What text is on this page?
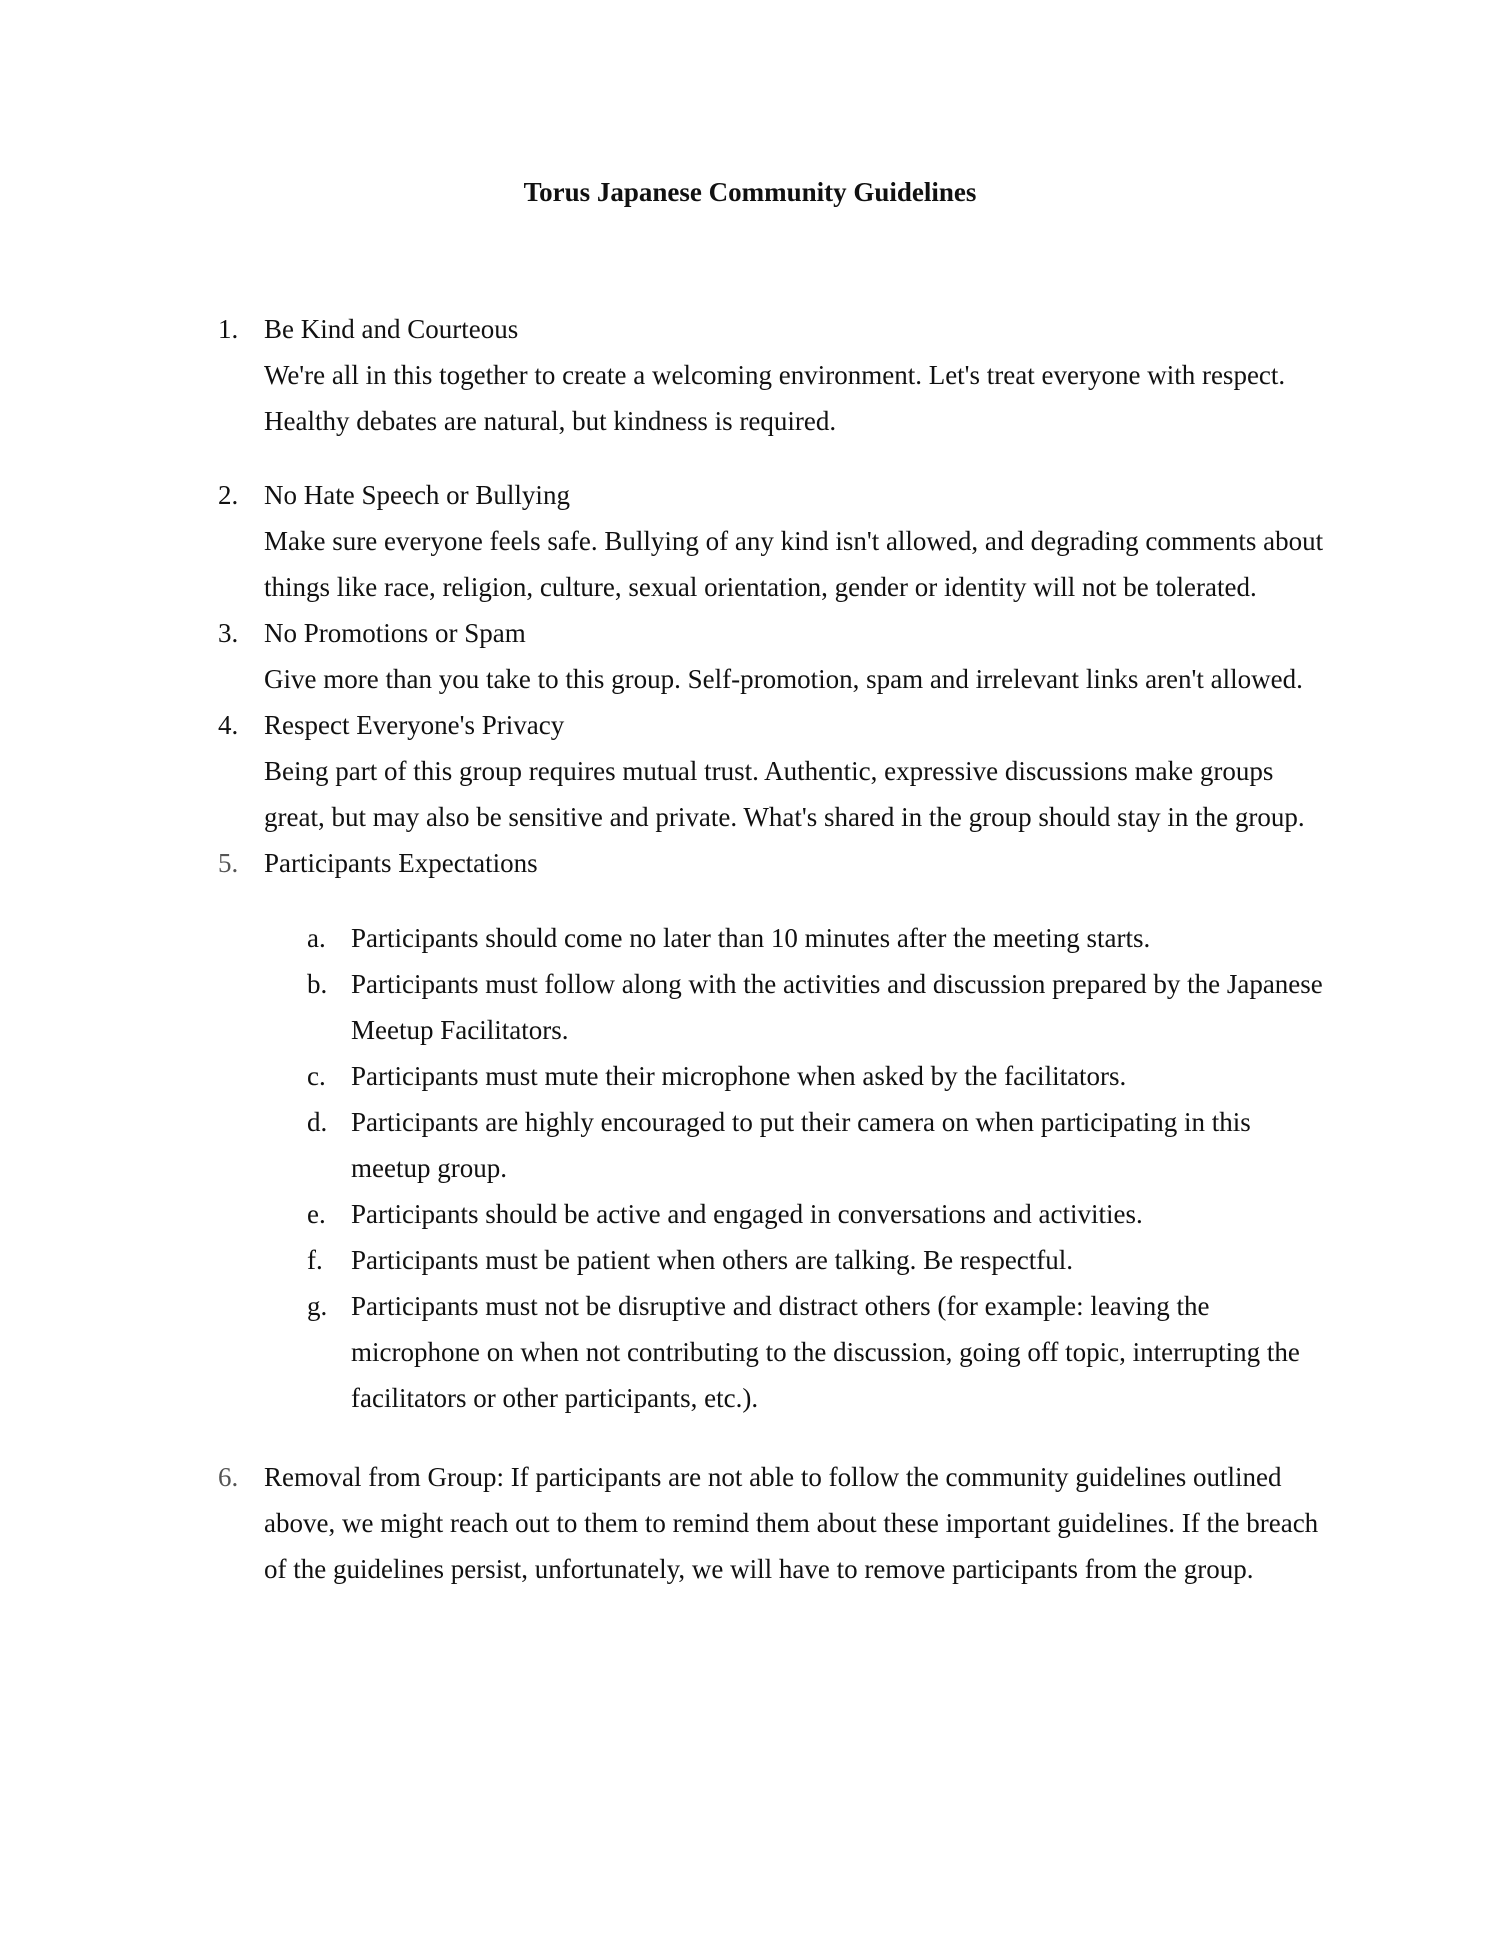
Torus Japanese Community Guidelines
1. Be Kind and Courteous
We're all in this together to create a welcoming environment. Let's treat everyone with respect.
Healthy debates are natural, but kindness is required.
2. No Hate Speech or Bullying
Make sure everyone feels safe. Bullying of any kind isn't allowed, and degrading comments about
things like race, religion, culture, sexual orientation, gender or identity will not be tolerated.
3. No Promotions or Spam
Give more than you take to this group. Self-promotion, spam and irrelevant links aren't allowed.
4. Respect Everyone's Privacy
Being part of this group requires mutual trust. Authentic, expressive discussions make groups
great, but may also be sensitive and private. What's shared in the group should stay in the group.
5. Participants Expectations
a. Participants should come no later than 10 minutes after the meeting starts.
b. Participants must follow along with the activities and discussion prepared by the Japanese
Meetup Facilitators.
c. Participants must mute their microphone when asked by the facilitators.
d. Participants are highly encouraged to put their camera on when participating in this
meetup group.
e. Participants should be active and engaged in conversations and activities.
f.	Participants must be patient when others are talking. Be respectful.
g. Participants must not be disruptive and distract others (for example: leaving the
microphone on when not contributing to the discussion, going off topic, interrupting the
facilitators or other participants, etc.).
6. Removal from Group: If participants are not able to follow the community guidelines outlined
above, we might reach out to them to remind them about these important guidelines. If the breach
of the guidelines persist, unfortunately, we will have to remove participants from the group.
